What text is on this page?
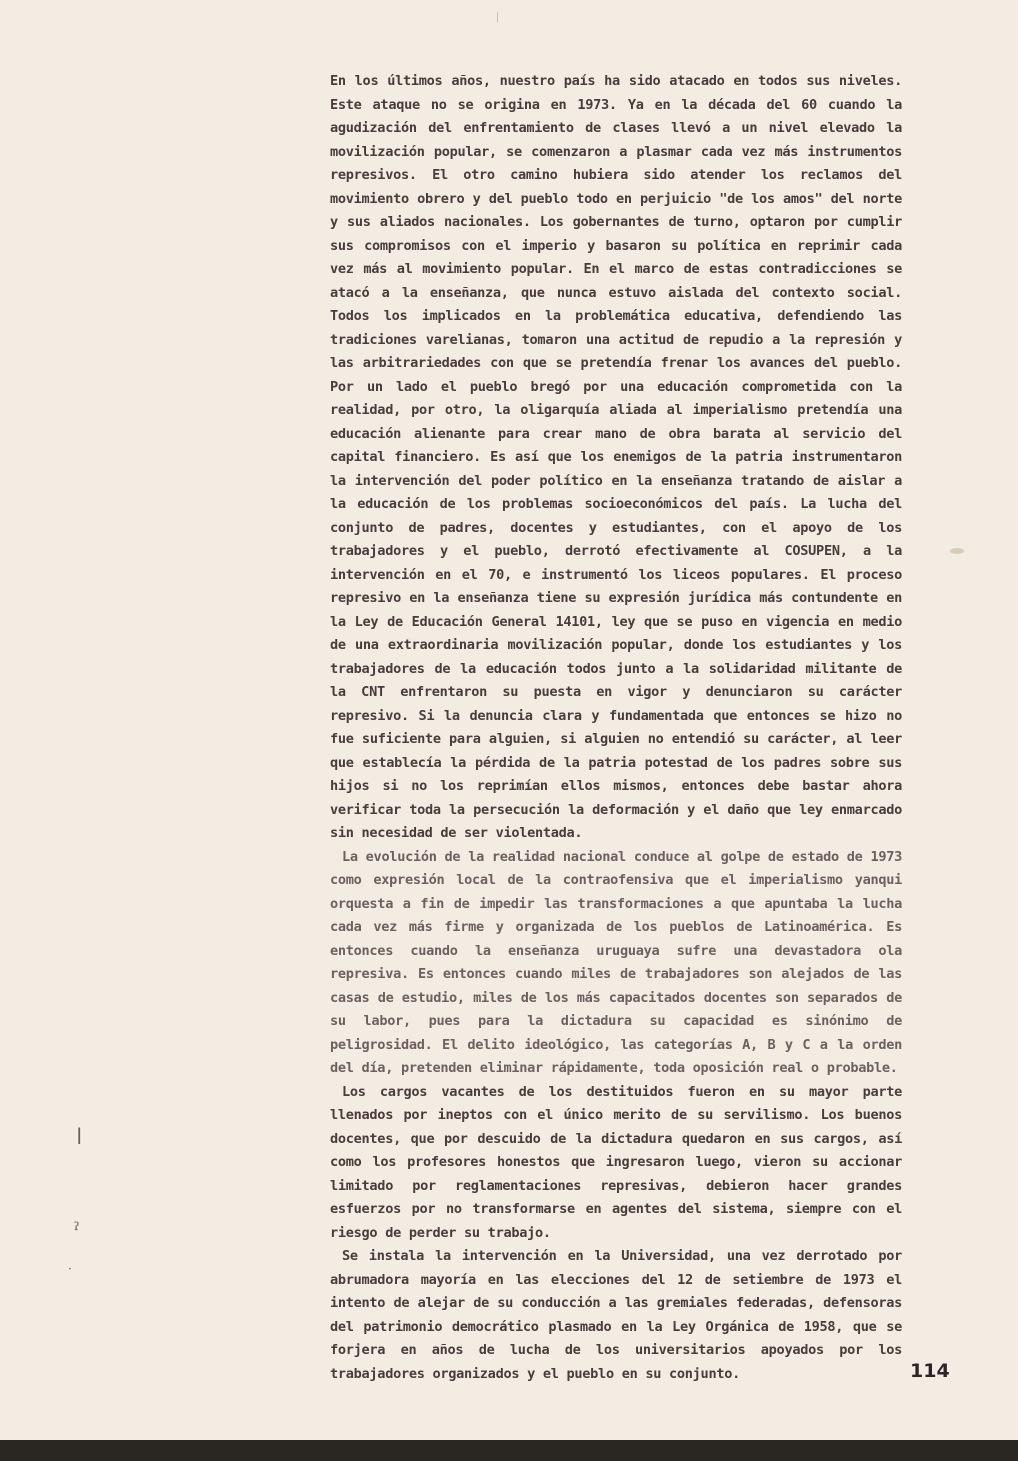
En los últimos años, nuestro país ha sido atacado en todos sus niveles. Este ataque no se origina en 1973. Ya en la década del 60 cuando la agudización del enfrentamiento de clases llevó a un nivel elevado la movilización popular, se comenzaron a plasmar cada vez más instrumentos represivos. El otro camino hubiera sido atender los reclamos del movimiento obrero y del pueblo todo en perjuicio "de los amos" del norte y sus aliados nacionales. Los gobernantes de turno, optaron por cumplir sus compromisos con el imperio y basaron su política en reprimir cada vez más al movimiento popular. En el marco de estas contradicciones se atacó a la enseñanza, que nunca estuvo aislada del contexto social. Todos los implicados en la problemática educativa, defendiendo las tradiciones varelianas, tomaron una actitud de repudio a la represión y las arbitrariedades con que se pretendía frenar los avances del pueblo. Por un lado el pueblo bregó por una educación comprometida con la realidad, por otro, la oligarquía aliada al imperialismo pretendía una educación alienante para crear mano de obra barata al servicio del capital financiero. Es así que los enemigos de la patria instrumentaron la intervención del poder político en la enseñanza tratando de aislar a la educación de los problemas socioeconómicos del país. La lucha del conjunto de padres, docentes y estudiantes, con el apoyo de los trabajadores y el pueblo, derrotó efectivamente al COSUPEN, a la intervención en el 70, e instrumentó los liceos populares. El proceso represivo en la enseñanza tiene su expresión jurídica más contundente en la Ley de Educación General 14101, ley que se puso en vigencia en medio de una extraordinaria movilización popular, donde los estudiantes y los trabajadores de la educación todos junto a la solidaridad militante de la CNT enfrentaron su puesta en vigor y denunciaron su carácter represivo. Si la denuncia clara y fundamentada que entonces se hizo no fue suficiente para alguien, si alguien no entendió su carácter, al leer que establecía la pérdida de la patria potestad de los padres sobre sus hijos si no los reprimían ellos mismos, entonces debe bastar ahora verificar toda la persecución la deformación y el daño que ley enmarcado sin necesidad de ser violentada.

La evolución de la realidad nacional conduce al golpe de estado de 1973 como expresión local de la contraofensiva que el imperialismo yanqui orquesta a fin de impedir las transformaciones a que apuntaba la lucha cada vez más firme y organizada de los pueblos de Latinoamérica. Es entonces cuando la enseñanza uruguaya sufre una devastadora ola represiva. Es entonces cuando miles de trabajadores son alejados de las casas de estudio, miles de los más capacitados docentes son separados de su labor, pues para la dictadura su capacidad es sinónimo de peligrosidad. El delito ideológico, las categorías A, B y C a la orden del día, pretenden eliminar rápidamente, toda oposición real o probable.

Los cargos vacantes de los destituidos fueron en su mayor parte llenados por ineptos con el único merito de su servilismo. Los buenos docentes, que por descuido de la dictadura quedaron en sus cargos, así como los profesores honestos que ingresaron luego, vieron su accionar limitado por reglamentaciones represivas, debieron hacer grandes esfuerzos por no transformarse en agentes del sistema, siempre con el riesgo de perder su trabajo.

Se instala la intervención en la Universidad, una vez derrotado por abrumadora mayoría en las elecciones del 12 de setiembre de 1973 el intento de alejar de su conducción a las gremiales federadas, defensoras del patrimonio democrático plasmado en la Ley Orgánica de 1958, que se forjera en años de lucha de los universitarios apoyados por los trabajadores organizados y el pueblo en su conjunto.	114
ǀ
ˀ
·
